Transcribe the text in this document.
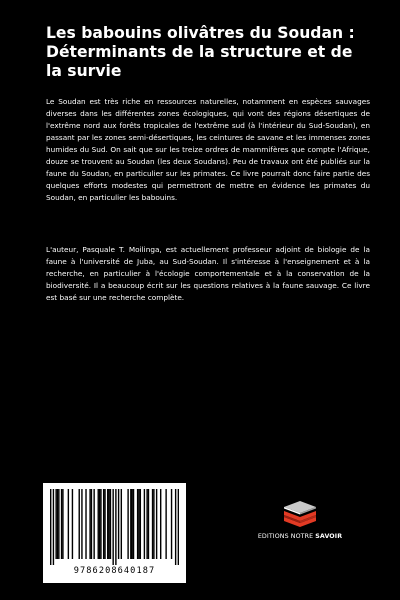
Les babouins olivâtres du Soudan : Déterminants de la structure et de la survie

Le Soudan est très riche en ressources naturelles, notamment en espèces sauvages diverses dans les différentes zones écologiques, qui vont des régions désertiques de l'extrême nord aux forêts tropicales de l'extrême sud (à l'intérieur du Sud-Soudan), en passant par les zones semi-désertiques, les ceintures de savane et les immenses zones humides du Sud. On sait que sur les treize ordres de mammifères que compte l'Afrique, douze se trouvent au Soudan (les deux Soudans). Peu de travaux ont été publiés sur la faune du Soudan, en particulier sur les primates. Ce livre pourrait donc faire partie des quelques efforts modestes qui permettront de mettre en évidence les primates du Soudan, en particulier les babouins.

L'auteur, Pasquale T. Moilinga, est actuellement professeur adjoint de biologie de la faune à l'université de Juba, au Sud-Soudan. Il s'intéresse à l'enseignement et à la recherche, en particulier à l'écologie comportementale et à la conservation de la biodiversité. Il a beaucoup écrit sur les questions relatives à la faune sauvage. Ce livre est basé sur une recherche complète.

9786208640187
EDITIONS NOTRE SAVOIR
